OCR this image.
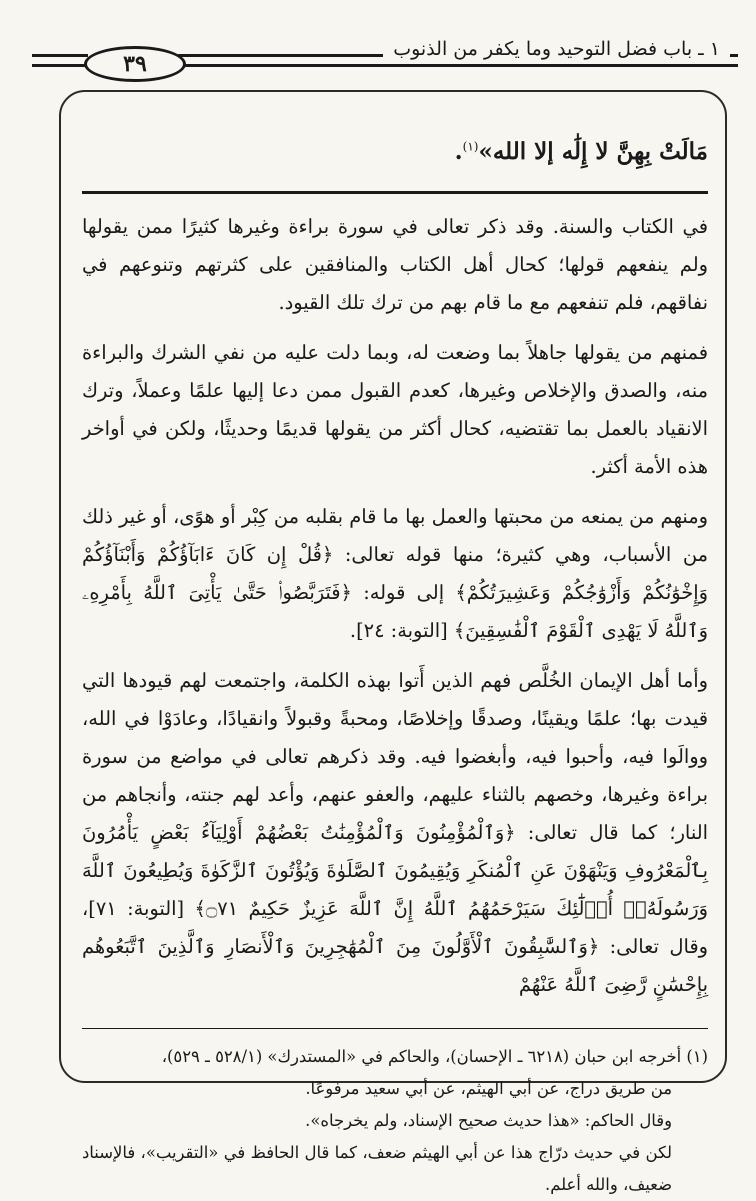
٣٩
١ ـ باب فضل التوحيد وما يكفر من الذنوب
مَالَتْ بِهِنَّ لا إِلَٰه إلا الله»$^{(١)}$.

في الكتاب والسنة. وقد ذكر تعالى في سورة براءة وغيرها كثيرًا ممن يقولها ولم ينفعهم قولها؛ كحال أهل الكتاب والمنافقين على كثرتهم وتنوعهم في نفاقهم، فلم تنفعهم مع ما قام بهم من ترك تلك القيود.

فمنهم من يقولها جاهلاً بما وضعت له، وبما دلت عليه من نفي الشرك والبراءة منه، والصدق والإخلاص وغيرها، كعدم القبول ممن دعا إليها علمًا وعملاً، وترك الانقياد بالعمل بما تقتضيه، كحال أكثر من يقولها قديمًا وحديثًا، ولكن في أواخر هذه الأمة أكثر.

ومنهم من يمنعه من محبتها والعمل بها ما قام بقلبه من كِبْر أو هوًى، أو غير ذلك من الأسباب، وهي كثيرة؛ منها قوله تعالى: ﴿قُلْ إِن كَانَ ءَابَآؤُكُمْ وَأَبْنَآؤُكُمْ وَإِخْوَٰنُكُمْ وَأَزْوَٰجُكُمْ وَعَشِيرَتُكُمْ﴾ إلى قوله: ﴿فَتَرَبَّصُوا۟ حَتَّىٰ يَأْتِىَ ٱللَّهُ بِأَمْرِهِۦ وَٱللَّهُ لَا يَهْدِى ٱلْقَوْمَ ٱلْفَٰسِقِينَ﴾ [التوبة: ٢٤].

وأما أهل الإيمان الخُلَّص فهم الذين أَتوا بهذه الكلمة، واجتمعت لهم قيودها التي قيدت بها؛ علمًا ويقينًا، وصدقًا وإخلاصًا، ومحبةً وقبولاً وانقيادًا، وعادَوْا في الله، ووالَوا فيه، وأحبوا فيه، وأبغضوا فيه. وقد ذكرهم تعالى في مواضع من سورة براءة وغيرها، وخصهم بالثناء عليهم، والعفو عنهم، وأعد لهم جنته، وأنجاهم من النار؛ كما قال تعالى: ﴿وَٱلْمُؤْمِنُونَ وَٱلْمُؤْمِنَٰتُ بَعْضُهُمْ أَوْلِيَآءُ بَعْضٍ يَأْمُرُونَ بِٱلْمَعْرُوفِ وَيَنْهَوْنَ عَنِ ٱلْمُنكَرِ وَيُقِيمُونَ ٱلصَّلَوٰةَ وَيُؤْتُونَ ٱلزَّكَوٰةَ وَيُطِيعُونَ ٱللَّهَ وَرَسُولَهُۥٓ أُو۟لَٰٓئِكَ سَيَرْحَمُهُمُ ٱللَّهُ إِنَّ ٱللَّهَ عَزِيزٌ حَكِيمٌ ۝٧١﴾ [التوبة: ٧١]، وقال تعالى: ﴿وَٱلسَّٰبِقُونَ ٱلْأَوَّلُونَ مِنَ ٱلْمُهَٰجِرِينَ وَٱلْأَنصَارِ وَٱلَّذِينَ ٱتَّبَعُوهُم بِإِحْسَٰنٍ رَّضِىَ ٱللَّهُ عَنْهُمْ

(١) أخرجه ابن حبان (٦٢١٨ ـ الإحسان)، والحاكم في «المستدرك» (٥٢٨/١ ـ ٥٢٩)،

من طريق دراج، عن أبي الهيثم، عن أبي سعيد مرفوعًا.

وقال الحاكم: «هذا حديث صحيح الإسناد، ولم يخرجاه».

لكن في حديث درّاج هذا عن أبي الهيثم ضعف، كما قال الحافظ في «التقريب»، فالإسناد ضعيف، والله أعلم.
